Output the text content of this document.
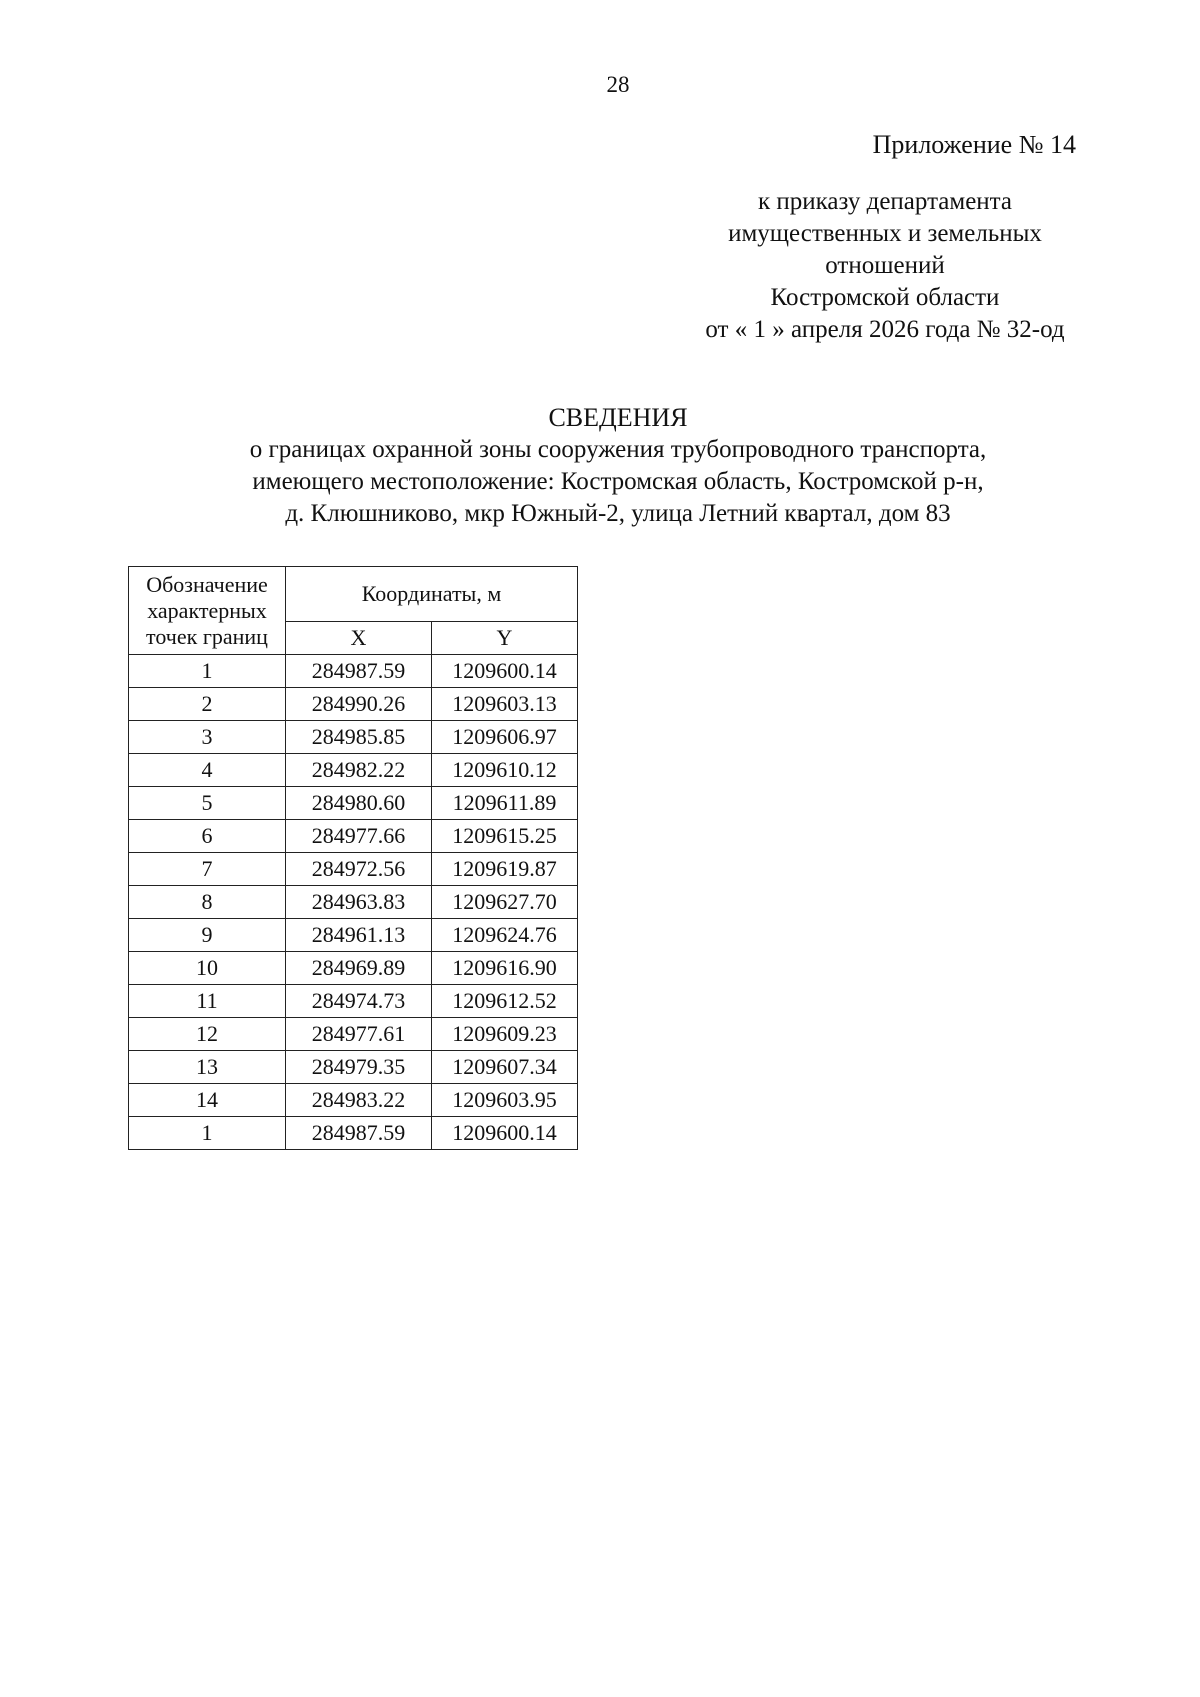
28
Приложение № 14
к приказу департамента
имущественных и земельных
отношений
Костромской области
от « 1 » апреля 2026 года № 32-од
СВЕДЕНИЯ
о границах охранной зоны сооружения трубопроводного транспорта,
имеющего местоположение: Костромская область, Костромской р-н,
д. Клюшниково, мкр Южный-2, улица Летний квартал, дом 83
Обозначение
характерных
точек границ	Координаты, м	
	X	Y
1	284987.59	1209600.14
2	284990.26	1209603.13
3	284985.85	1209606.97
4	284982.22	1209610.12
5	284980.60	1209611.89
6	284977.66	1209615.25
7	284972.56	1209619.87
8	284963.83	1209627.70
9	284961.13	1209624.76
10	284969.89	1209616.90
11	284974.73	1209612.52
12	284977.61	1209609.23
13	284979.35	1209607.34
14	284983.22	1209603.95
1	284987.59	1209600.14
